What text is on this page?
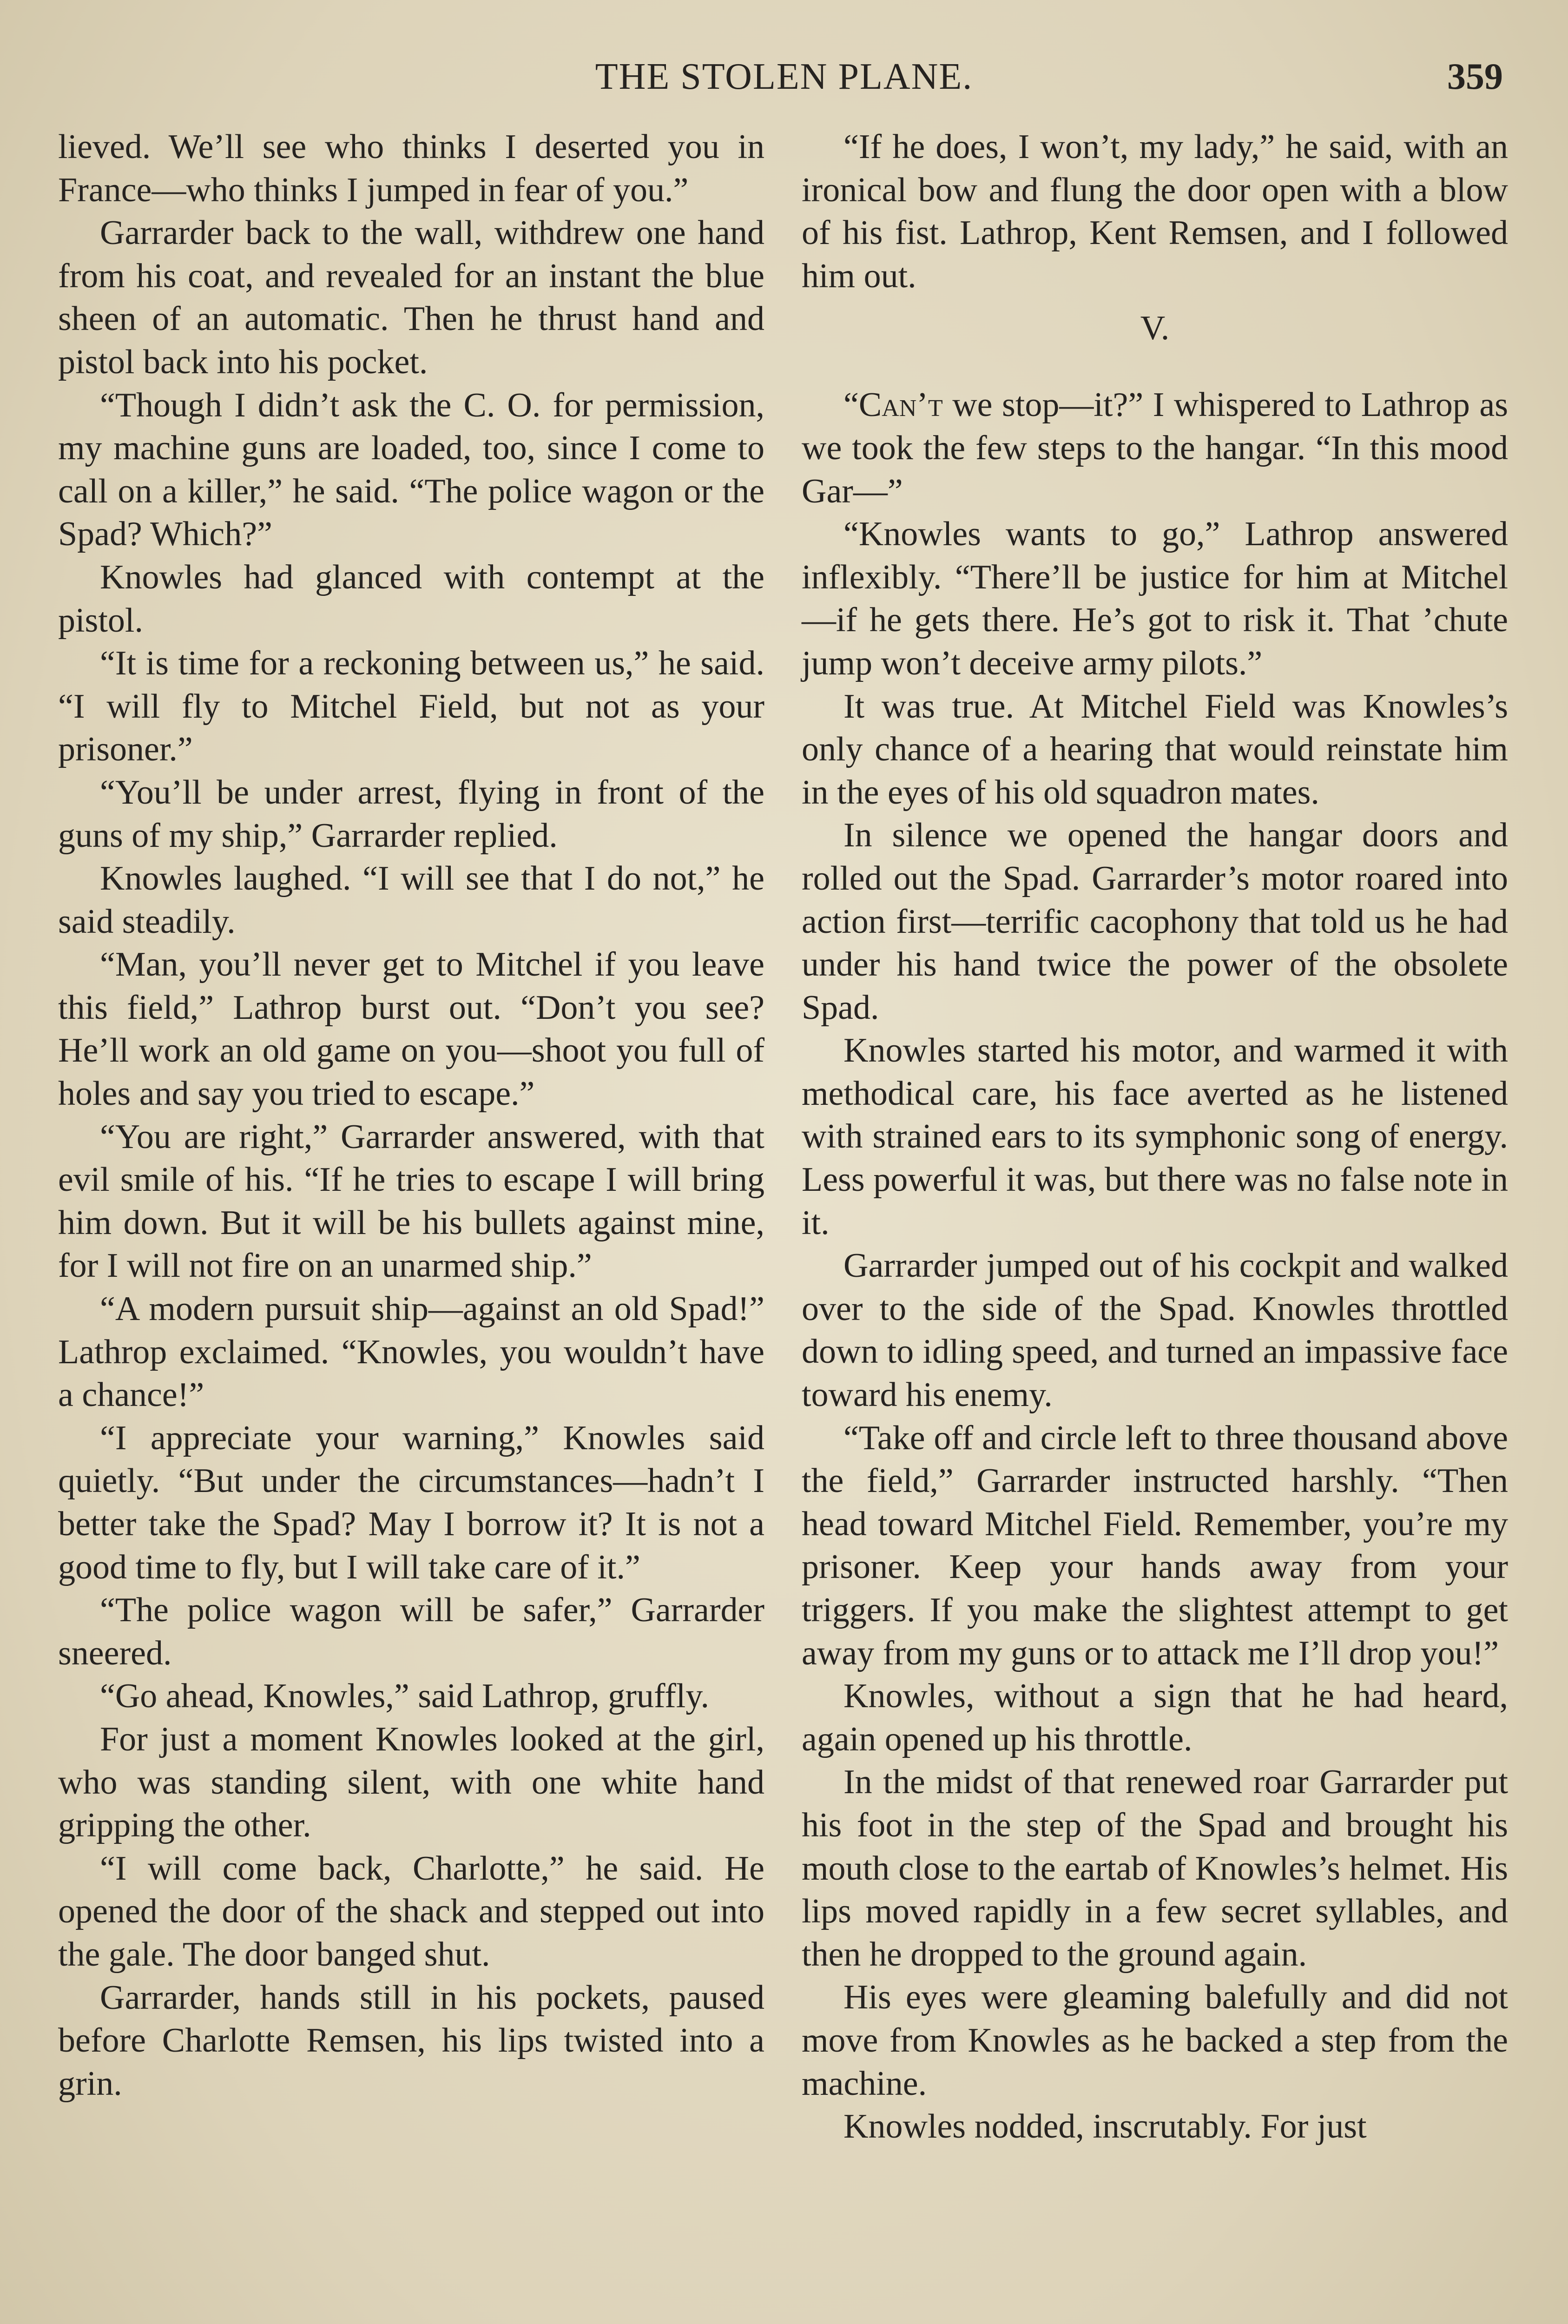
THE STOLEN PLANE.	359

lieved. We’ll see who thinks I deserted you in France—who thinks I jumped in fear of you.”

Garrarder back to the wall, withdrew one hand from his coat, and revealed for an instant the blue sheen of an automatic. Then he thrust hand and pistol back into his pocket.

“Though I didn’t ask the C. O. for permission, my machine guns are loaded, too, since I come to call on a killer,” he said. “The police wagon or the Spad? Which?”

Knowles had glanced with contempt at the pistol.

“It is time for a reckoning between us,” he said. “I will fly to Mitchel Field, but not as your prisoner.”

“You’ll be under arrest, flying in front of the guns of my ship,” Garrarder replied.

Knowles laughed. “I will see that I do not,” he said steadily.

“Man, you’ll never get to Mitchel if you leave this field,” Lathrop burst out. “Don’t you see? He’ll work an old game on you—shoot you full of holes and say you tried to escape.”

“You are right,” Garrarder answered, with that evil smile of his. “If he tries to escape I will bring him down. But it will be his bullets against mine, for I will not fire on an unarmed ship.”

“A modern pursuit ship—against an old Spad!” Lathrop exclaimed. “Knowles, you wouldn’t have a chance!”

“I appreciate your warning,” Knowles said quietly. “But under the circumstances—hadn’t I better take the Spad? May I borrow it? It is not a good time to fly, but I will take care of it.”

“The police wagon will be safer,” Garrarder sneered.

“Go ahead, Knowles,” said Lathrop, gruffly.

For just a moment Knowles looked at the girl, who was standing silent, with one white hand gripping the other.

“I will come back, Charlotte,” he said. He opened the door of the shack and stepped out into the gale. The door banged shut.

Garrarder, hands still in his pockets, paused before Charlotte Remsen, his lips twisted into a grin.

“If he does, I won’t, my lady,” he said, with an ironical bow and flung the door open with a blow of his fist. Lathrop, Kent Remsen, and I followed him out.

V.

“Can’t we stop—it?” I whispered to Lathrop as we took the few steps to the hangar. “In this mood Gar—”

“Knowles wants to go,” Lathrop answered inflexibly. “There’ll be justice for him at Mitchel—if he gets there. He’s got to risk it. That ’chute jump won’t deceive army pilots.”

It was true. At Mitchel Field was Knowles’s only chance of a hearing that would reinstate him in the eyes of his old squadron mates.

In silence we opened the hangar doors and rolled out the Spad. Garrarder’s motor roared into action first—terrific cacophony that told us he had under his hand twice the power of the obsolete Spad.

Knowles started his motor, and warmed it with methodical care, his face averted as he listened with strained ears to its symphonic song of energy. Less powerful it was, but there was no false note in it.

Garrarder jumped out of his cockpit and walked over to the side of the Spad. Knowles throttled down to idling speed, and turned an impassive face toward his enemy.

“Take off and circle left to three thousand above the field,” Garrarder instructed harshly. “Then head toward Mitchel Field. Remember, you’re my prisoner. Keep your hands away from your triggers. If you make the slightest attempt to get away from my guns or to attack me I’ll drop you!”

Knowles, without a sign that he had heard, again opened up his throttle.

In the midst of that renewed roar Garrarder put his foot in the step of the Spad and brought his mouth close to the eartab of Knowles’s helmet. His lips moved rapidly in a few secret syllables, and then he dropped to the ground again.

His eyes were gleaming balefully and did not move from Knowles as he backed a step from the machine.

Knowles nodded, inscrutably. For just
